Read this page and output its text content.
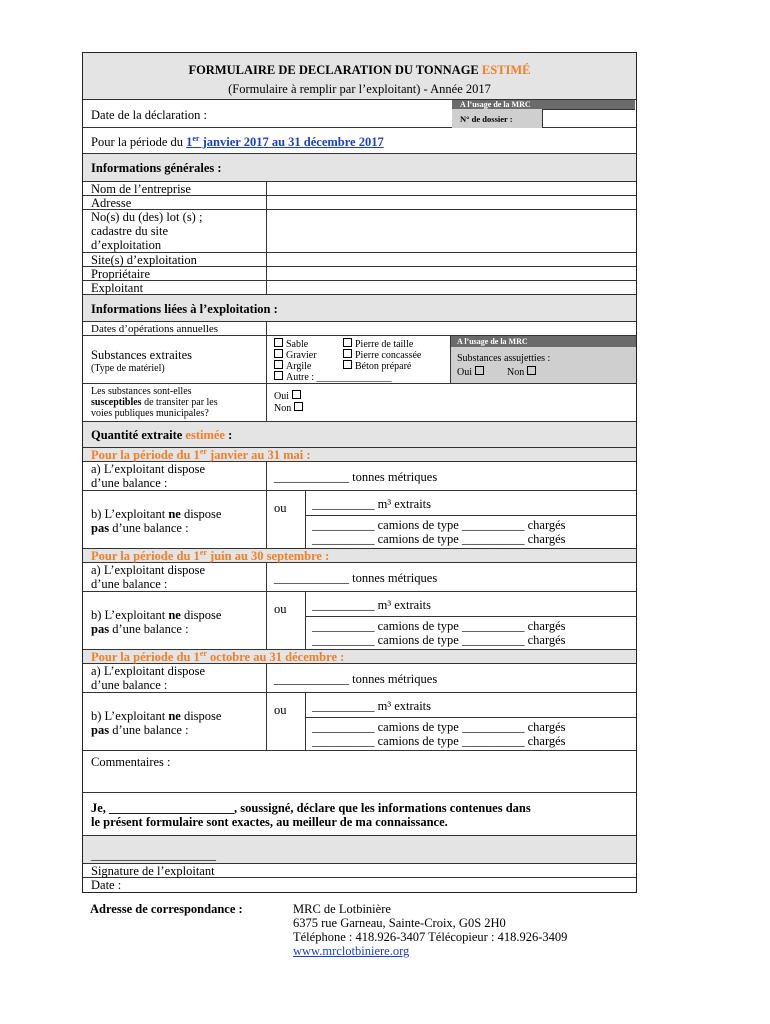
FORMULAIRE DE DECLARATION DU TONNAGE ESTIMÉ
(Formulaire à remplir par l’exploitant) - Année 2017
Date de la déclaration :
A l’usage de la MRC
N° de dossier :
Pour la période du 1er janvier 2017 au 31 décembre 2017
Informations générales :
Nom de l’entreprise
Adresse
No(s) du (des) lot (s) ;
cadastre du site
d’exploitation
Site(s) d’exploitation
Propriétaire
Exploitant
Informations liées à l’exploitation :
Dates d’opérations annuelles
Substances extraites
(Type de matériel)
Sable
Gravier
Argile
Autre : _______________
Pierre de taille
Pierre concassée
Béton préparé
A l’usage de la MRC
Substances assujetties :
Oui	Non
Les substances sont-elles
susceptibles de transiter par les
voies publiques municipales?
Oui
Non
Quantité extraite estimée :
Pour la période du 1er janvier au 31 mai :
a) L’exploitant dispose
d’une balance :	____________ tonnes métriques
b) L’exploitant ne dispose
pas d’une balance :
ou __________ m³ extraits
__________ camions de type __________ chargés
__________ camions de type __________ chargés
Pour la période du 1er juin au 30 septembre :
a) L’exploitant dispose
d’une balance :	____________ tonnes métriques
b) L’exploitant ne dispose
pas d’une balance :
ou __________ m³ extraits
__________ camions de type __________ chargés
__________ camions de type __________ chargés
Pour la période du 1er octobre au 31 décembre :
a) L’exploitant dispose
d’une balance :	____________ tonnes métriques
b) L’exploitant ne dispose
pas d’une balance :
ou __________ m³ extraits
__________ camions de type __________ chargés
__________ camions de type __________ chargés
Commentaires :
Je, ____________________, soussigné, déclare que les informations contenues dans
le présent formulaire sont exactes, au meilleur de ma connaissance.
____________________
Signature de l’exploitant
Date :
Adresse de correspondance :	MRC de Lotbinière
6375 rue Garneau, Sainte-Croix, G0S 2H0
Téléphone : 418.926-3407 Télécopieur : 418.926-3409
www.mrclotbiniere.org
